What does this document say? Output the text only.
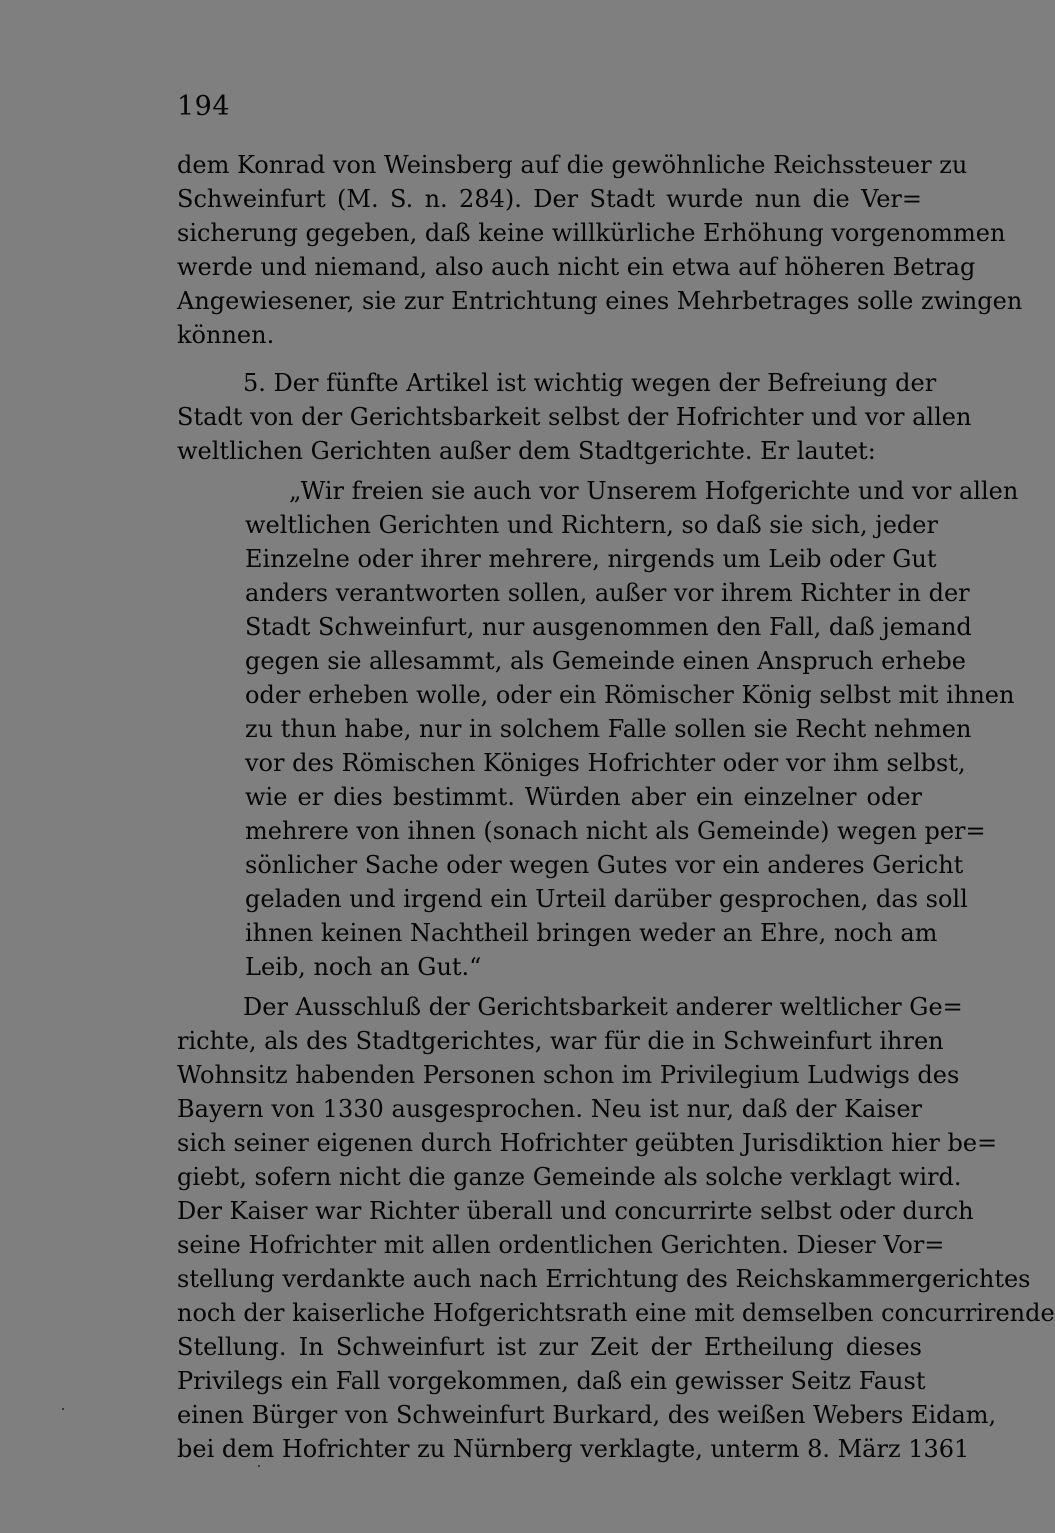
194
dem Konrad von Weinsberg auf die gewöhnliche Reichssteuer zu
Schweinfurt (M. S. n. 284). Der Stadt wurde nun die Ver=
sicherung gegeben, daß keine willkürliche Erhöhung vorgenommen
werde und niemand, also auch nicht ein etwa auf höheren Betrag
Angewiesener, sie zur Entrichtung eines Mehrbetrages solle zwingen
können.
5. Der fünfte Artikel ist wichtig wegen der Befreiung der
Stadt von der Gerichtsbarkeit selbst der Hofrichter und vor allen
weltlichen Gerichten außer dem Stadtgerichte. Er lautet:
„Wir freien sie auch vor Unserem Hofgerichte und vor allen
weltlichen Gerichten und Richtern, so daß sie sich, jeder
Einzelne oder ihrer mehrere, nirgends um Leib oder Gut
anders verantworten sollen, außer vor ihrem Richter in der
Stadt Schweinfurt, nur ausgenommen den Fall, daß jemand
gegen sie allesammt, als Gemeinde einen Anspruch erhebe
oder erheben wolle, oder ein Römischer König selbst mit ihnen
zu thun habe, nur in solchem Falle sollen sie Recht nehmen
vor des Römischen Königes Hofrichter oder vor ihm selbst,
wie er dies bestimmt. Würden aber ein einzelner oder
mehrere von ihnen (sonach nicht als Gemeinde) wegen per=
sönlicher Sache oder wegen Gutes vor ein anderes Gericht
geladen und irgend ein Urteil darüber gesprochen, das soll
ihnen keinen Nachtheil bringen weder an Ehre, noch am
Leib, noch an Gut.“
Der Ausschluß der Gerichtsbarkeit anderer weltlicher Ge=
richte, als des Stadtgerichtes, war für die in Schweinfurt ihren
Wohnsitz habenden Personen schon im Privilegium Ludwigs des
Bayern von 1330 ausgesprochen. Neu ist nur, daß der Kaiser
sich seiner eigenen durch Hofrichter geübten Jurisdiktion hier be=
giebt, sofern nicht die ganze Gemeinde als solche verklagt wird.
Der Kaiser war Richter überall und concurrirte selbst oder durch
seine Hofrichter mit allen ordentlichen Gerichten. Dieser Vor=
stellung verdankte auch nach Errichtung des Reichskammergerichtes
noch der kaiserliche Hofgerichtsrath eine mit demselben concurrirende
Stellung. In Schweinfurt ist zur Zeit der Ertheilung dieses
Privilegs ein Fall vorgekommen, daß ein gewisser Seitz Faust
einen Bürger von Schweinfurt Burkard, des weißen Webers Eidam,
bei dem Hofrichter zu Nürnberg verklagte, unterm 8. März 1361
